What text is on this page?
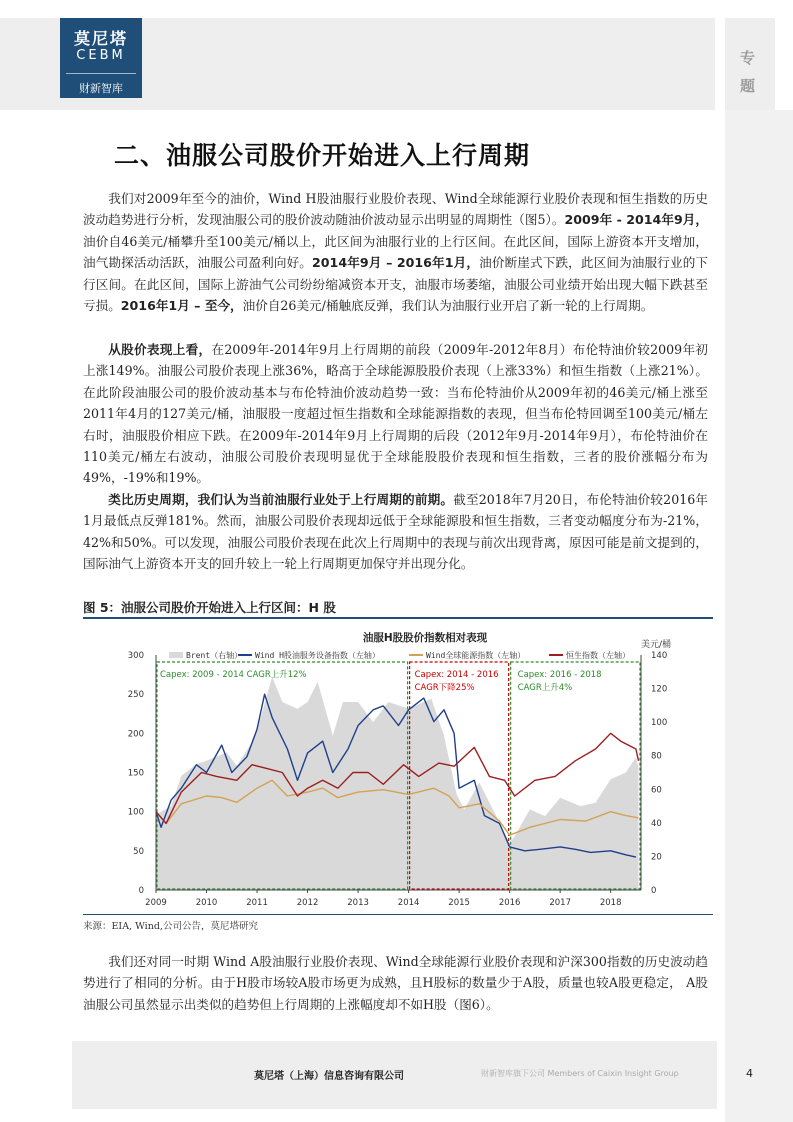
莫尼塔
CEBM
财新智库
专题
二、油服公司股价开始进入上行周期

我们对2009年至今的油价，Wind H股油服行业股价表现、Wind全球能源行业股价表现和恒生指数的历史波动趋势进行分析，发现油服公司的股价波动随油价波动显示出明显的周期性（图5）。2009年 - 2014年9月，油价自46美元/桶攀升至100美元/桶以上，此区间为油服行业的上行区间。在此区间，国际上游资本开支增加，油气勘探活动活跃，油服公司盈利向好。2014年9月 – 2016年1月，油价断崖式下跌，此区间为油服行业的下行区间。在此区间，国际上游油气公司纷纷缩减资本开支，油服市场萎缩，油服公司业绩开始出现大幅下跌甚至亏损。2016年1月 – 至今，油价自26美元/桶触底反弹，我们认为油服行业开启了新一轮的上行周期。

从股价表现上看，在2009年-2014年9月上行周期的前段（2009年-2012年8月）布伦特油价较2009年初上涨149%。油服公司股价表现上涨36%，略高于全球能源股股价表现（上涨33%）和恒生指数（上涨21%）。在此阶段油服公司的股价波动基本与布伦特油价波动趋势一致：当布伦特油价从2009年初的46美元/桶上涨至2011年4月的127美元/桶，油服股一度超过恒生指数和全球能源指数的表现，但当布伦特回调至100美元/桶左右时，油服股价相应下跌。在2009年-2014年9月上行周期的后段（2012年9月-2014年9月），布伦特油价在110美元/桶左右波动，油服公司股价表现明显优于全球能股股价表现和恒生指数，三者的股价涨幅分布为49%，-19%和19%。

类比历史周期，我们认为当前油服行业处于上行周期的前期。截至2018年7月20日，布伦特油价较2016年1月最低点反弹181%。然而，油服公司股价表现却远低于全球能源股和恒生指数，三者变动幅度分布为-21%，42%和50%。可以发现，油服公司股价表现在此次上行周期中的表现与前次出现背离，原因可能是前文提到的，国际油气上游资本开支的回升较上一轮上行周期更加保守并出现分化。

图 5：油服公司股价开始进入上行区间：H 股
油服H股股价指数相对表现
美元/桶
Brent（右轴） Wind H股油服务设备指数（左轴）	Wind全球能源指数（左轴）	恒生指数（左轴）
Capex: 2009 - 2014 CAGR上升12%	Capex: 2014 - 2016 CAGR下降25%
Capex: 2016 - 2018 CAGR上升4%
0
50
100
150
200
250
300
0
20
40
60
80
100
120
140
2009	2010	2011	2012	2013	2014	2015	2016	2017	2018
来源：EIA, Wind,公司公告，莫尼塔研究

我们还对同一时期 Wind A股油服行业股价表现、Wind全球能源行业股价表现和沪深300指数的历史波动趋势进行了相同的分析。由于H股市场较A股市场更为成熟，且H股标的数量少于A股，质量也较A股更稳定， A股油服公司虽然显示出类似的趋势但上行周期的上涨幅度却不如H股（图6）。

莫尼塔（上海）信息咨询有限公司	财新智库旗下公司 Members of Caixin Insight Group	4
